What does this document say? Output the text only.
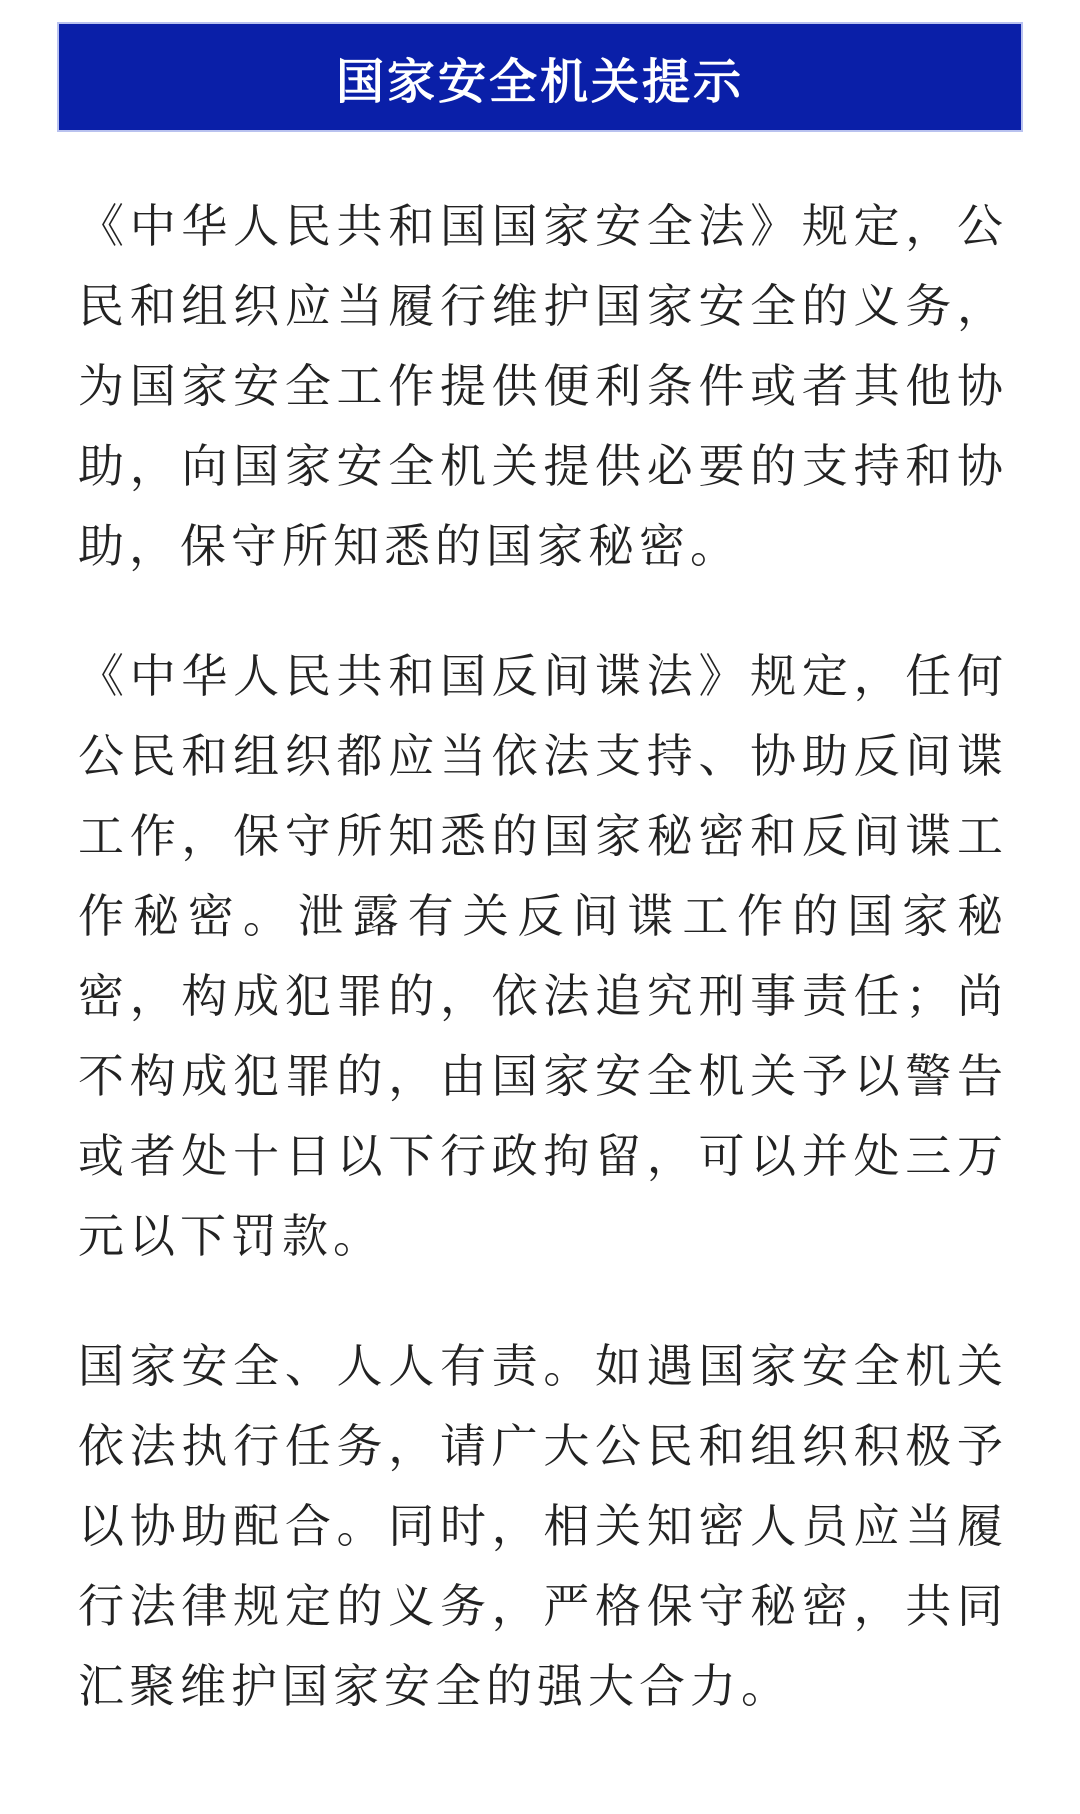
国家安全机关提示

《中华人民共和国国家安全法》规定，公民和组织应当履行维护国家安全的义务，为国家安全工作提供便利条件或者其他协助，向国家安全机关提供必要的支持和协助，保守所知悉的国家秘密。

《中华人民共和国反间谍法》规定，任何公民和组织都应当依法支持、协助反间谍工作，保守所知悉的国家秘密和反间谍工作秘密。泄露有关反间谍工作的国家秘密，构成犯罪的，依法追究刑事责任；尚不构成犯罪的，由国家安全机关予以警告或者处十日以下行政拘留，可以并处三万元以下罚款。

国家安全、人人有责。如遇国家安全机关依法执行任务，请广大公民和组织积极予以协助配合。同时，相关知密人员应当履行法律规定的义务，严格保守秘密，共同汇聚维护国家安全的强大合力。
